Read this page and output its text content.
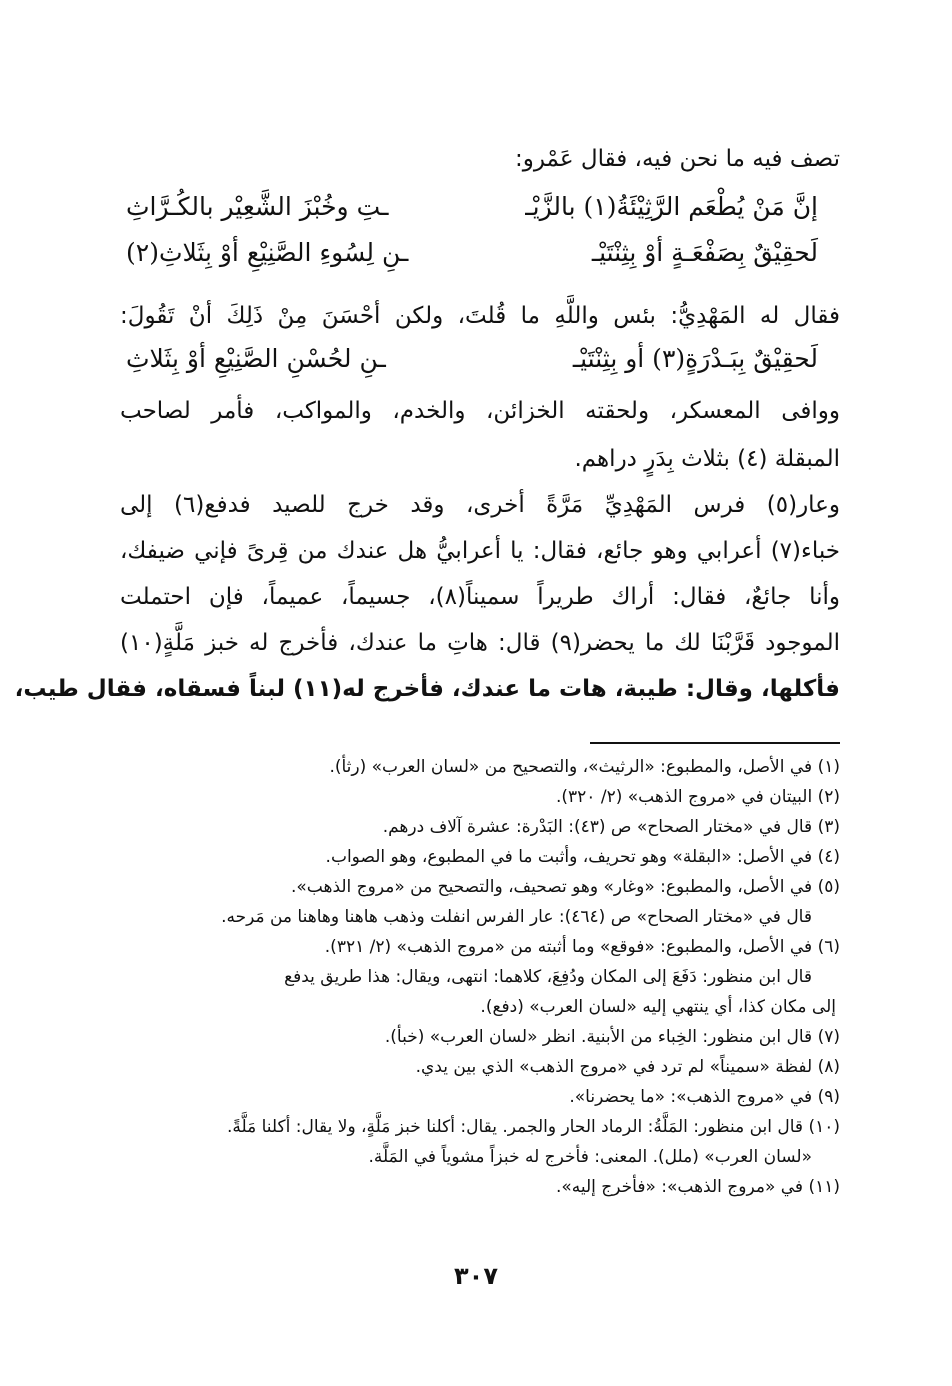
تصف فيه ما نحن فيه، فقال عَمْرو:
إنَّ مَنْ يُطْعَم الرَّثِيْئَةُ(١) بالزَّيْـ
ـتِ وخُبْزَ الشَّعِيْر بالكُـرَّاثِ
لَحقِيْقٌ بِصَفْعَـةٍ أوْ بِثِنْتَيْـ
ـنِ لِسُوءِ الصَّنِيْعِ أوْ بِثَلاثِ(٢)
فقال له المَهْدِيُّ: بئس واللَّهِ ما قُلتَ، ولكن أحْسَنَ مِنْ ذَلِكَ أنْ تَقُولَ:
لَحقِيْقٌ بِبَـدْرَةٍ(٣) أو بِثِنْتَيْـ
ـنِ لحُسْنِ الصَّنِيْعِ أوْ بِثَلاثِ
ووافى المعسكر، ولحقته الخزائن، والخدم، والمواكب، فأمر لصاحب
المبقلة (٤) بثلاث بِدَرٍ دراهم.
وعار(٥) فرس المَهْدِيِّ مَرَّةً أخرى، وقد خرج للصيد فدفع(٦) إلى
خباء(٧) أعرابي وهو جائع، فقال: يا أعرابيُّ هل عندك من قِرىً فإني ضيفك،
وأنا جائعٌ، فقال: أراك طريراً سميناً(٨)، جسيماً، عميماً، فإن احتملت
الموجود قَرَّبْنَا لك ما يحضر(٩) قال: هاتِ ما عندك، فأخرج له خبز مَلَّةٍ(١٠)
فأكلها، وقال: طيبة، هات ما عندك، فأخرج له(١١) لبناً فسقاه، فقال طيب،
(١) في الأصل، والمطبوع: «الرثيث»، والتصحيح من «لسان العرب» (رثأ).
(٢) البيتان في «مروج الذهب» (٢/ ٣٢٠).
(٣) قال في «مختار الصحاح» ص (٤٣): البَدْرة: عشرة آلاف درهم.
(٤) في الأصل: «البقلة» وهو تحريف، وأثبت ما في المطبوع، وهو الصواب.
(٥) في الأصل، والمطبوع: «وغار» وهو تصحيف، والتصحيح من «مروج الذهب».
قال في «مختار الصحاح» ص (٤٦٤): عار الفرس انفلت وذهب هاهنا وهاهنا من مَرحه.
(٦) في الأصل، والمطبوع: «فوقع» وما أثبته من «مروج الذهب» (٢/ ٣٢١).
قال ابن منظور: دَفَعَ إلى المكان ودُفِعَ، كلاهما: انتهى، ويقال: هذا طريق يدفع
إلى مكان كذا، أي ينتهي إليه «لسان العرب» (دفع).
(٧) قال ابن منظور: الخِباء من الأبنية. انظر «لسان العرب» (خبأ).
(٨) لفظة «سميناً» لم ترد في «مروج الذهب» الذي بين يدي.
(٩) في «مروج الذهب»: «ما يحضرنا».
(١٠) قال ابن منظور: المَلَّةُ: الرماد الحار والجمر. يقال: أكلنا خبز مَلَّةٍ، ولا يقال: أكلنا مَلَّةً.
«لسان العرب» (ملل). المعنى: فأخرج له خبزاً مشوياً في المَلَّة.
(١١) في «مروج الذهب»: «فأخرج إليه».
٣٠٧
